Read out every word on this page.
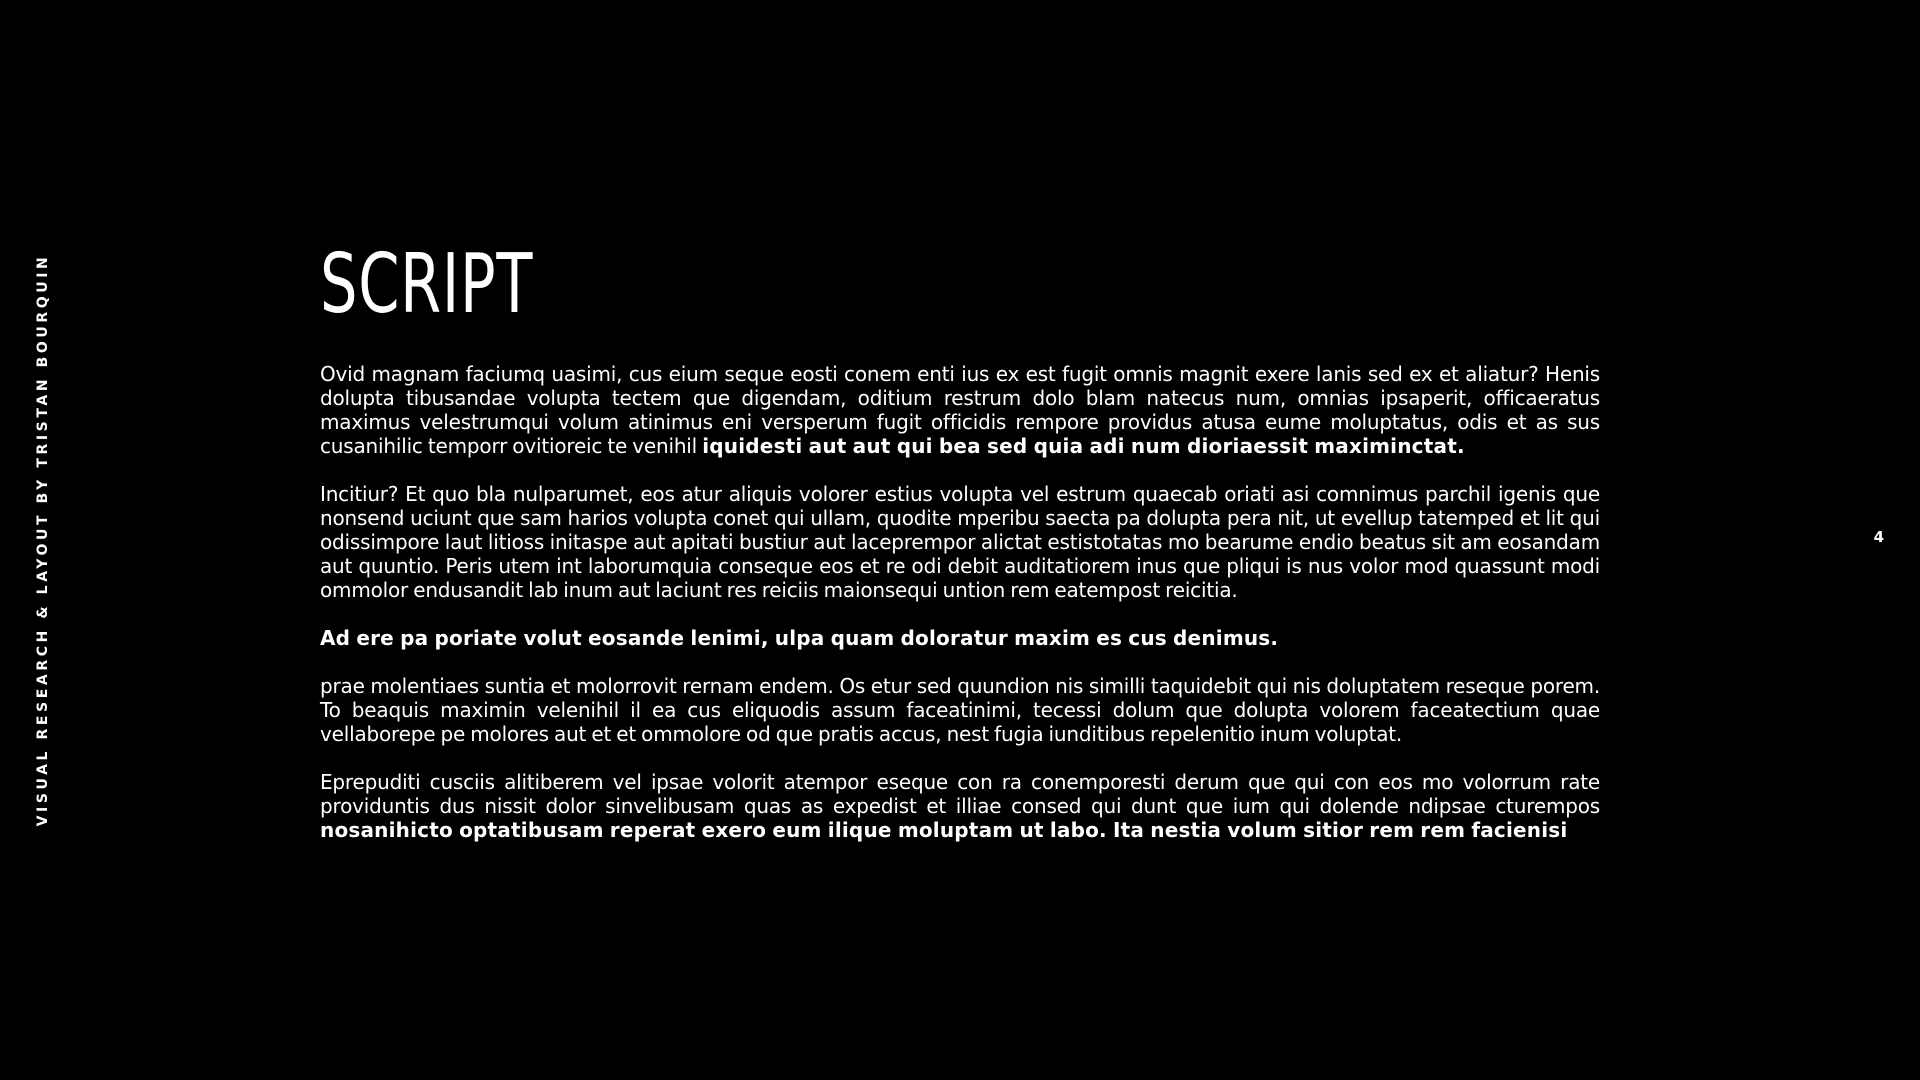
VISUAL RESEARCH & LAYOUT BY TRISTAN BOURQUIN	SCRIPT

Ovid magnam faciumq uasimi, cus eium seque eosti conem enti ius ex est fugit omnis magnit exere lanis sed ex et aliatur? Henis dolupta tibusandae volupta tectem que digendam, oditium restrum dolo blam natecus num, omnias ipsaperit, officaeratus maximus velestrumqui volum atinimus eni versperum fugit officidis rempore providus atusa eume moluptatus, odis et as sus cusanihilic temporr ovitioreic te venihil iquidesti aut aut qui bea sed quia adi num dioriaessit maximinctat.

Incitiur? Et quo bla nulparumet, eos atur aliquis volorer estius volupta vel estrum quaecab oriati asi comnimus parchil igenis que nonsend uciunt que sam harios volupta conet qui ullam, quodite mperibu saecta pa dolupta pera nit, ut evellup tatemped et lit qui odissimpore laut litioss initaspe aut apitati bustiur aut laceprempor alictat estistotatas mo bearume endio beatus sit am eosandam aut quuntio. Peris utem int laborumquia conseque eos et re odi debit auditatiorem inus que pliqui is nus volor mod quassunt modi ommolor endusandit lab inum aut laciunt res reiciis maionsequi untion rem eatempost reicitia.

Ad ere pa poriate volut eosande lenimi, ulpa quam doloratur maxim es cus denimus.

prae molentiaes suntia et molorrovit rernam endem. Os etur sed quundion nis similli taquidebit qui nis doluptatem reseque porem. To beaquis maximin velenihil il ea cus eliquodis assum faceatinimi, tecessi dolum que dolupta volorem faceatectium quae vellaborepe pe molores aut et et ommolore od que pratis accus, nest fugia iunditibus repelenitio inum voluptat.

Eprepuditi cusciis alitiberem vel ipsae volorit atempor eseque con ra conemporesti derum que qui con eos mo volorrum rate providuntis dus nissit dolor sinvelibusam quas as expedist et illiae consed qui dunt que ium qui dolende ndipsae cturempos nosanihicto optatibusam reperat exero eum ilique moluptam ut labo. Ita nestia volum sitior rem rem facienisi

4
